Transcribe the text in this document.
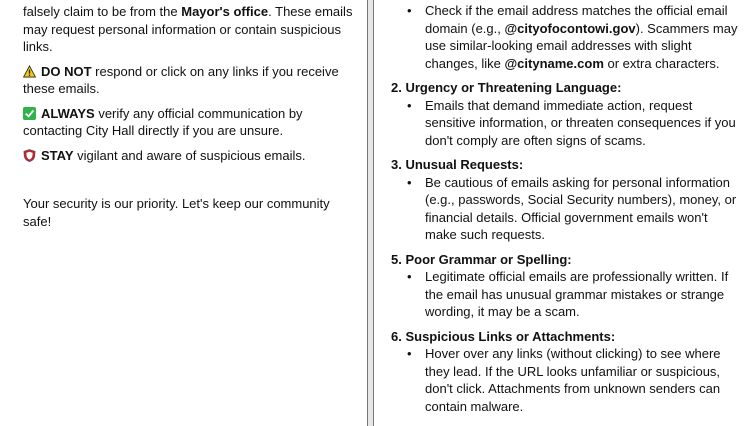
falsely claim to be from the Mayor's office. These emails may request personal information or contain suspicious links.

DO NOT respond or click on any links if you receive these emails.

ALWAYS verify any official communication by contacting City Hall directly if you are unsure.

STAY vigilant and aware of suspicious emails.

Your security is our priority. Let's keep our community safe!

• Check if the email address matches the official email domain (e.g., @cityofocontowi.gov). Scammers may use similar-looking email addresses with slight changes, like @cityname.com or extra characters.
2. Urgency or Threatening Language:
• Emails that demand immediate action, request sensitive information, or threaten consequences if you don't comply are often signs of scams.
3. Unusual Requests:
• Be cautious of emails asking for personal information (e.g., passwords, Social Security numbers), money, or financial details. Official government emails won't make such requests.
5. Poor Grammar or Spelling:
• Legitimate official emails are professionally written. If the email has unusual grammar mistakes or strange wording, it may be a scam.
6. Suspicious Links or Attachments:
• Hover over any links (without clicking) to see where they lead. If the URL looks unfamiliar or suspicious, don't click. Attachments from unknown senders can contain malware.
